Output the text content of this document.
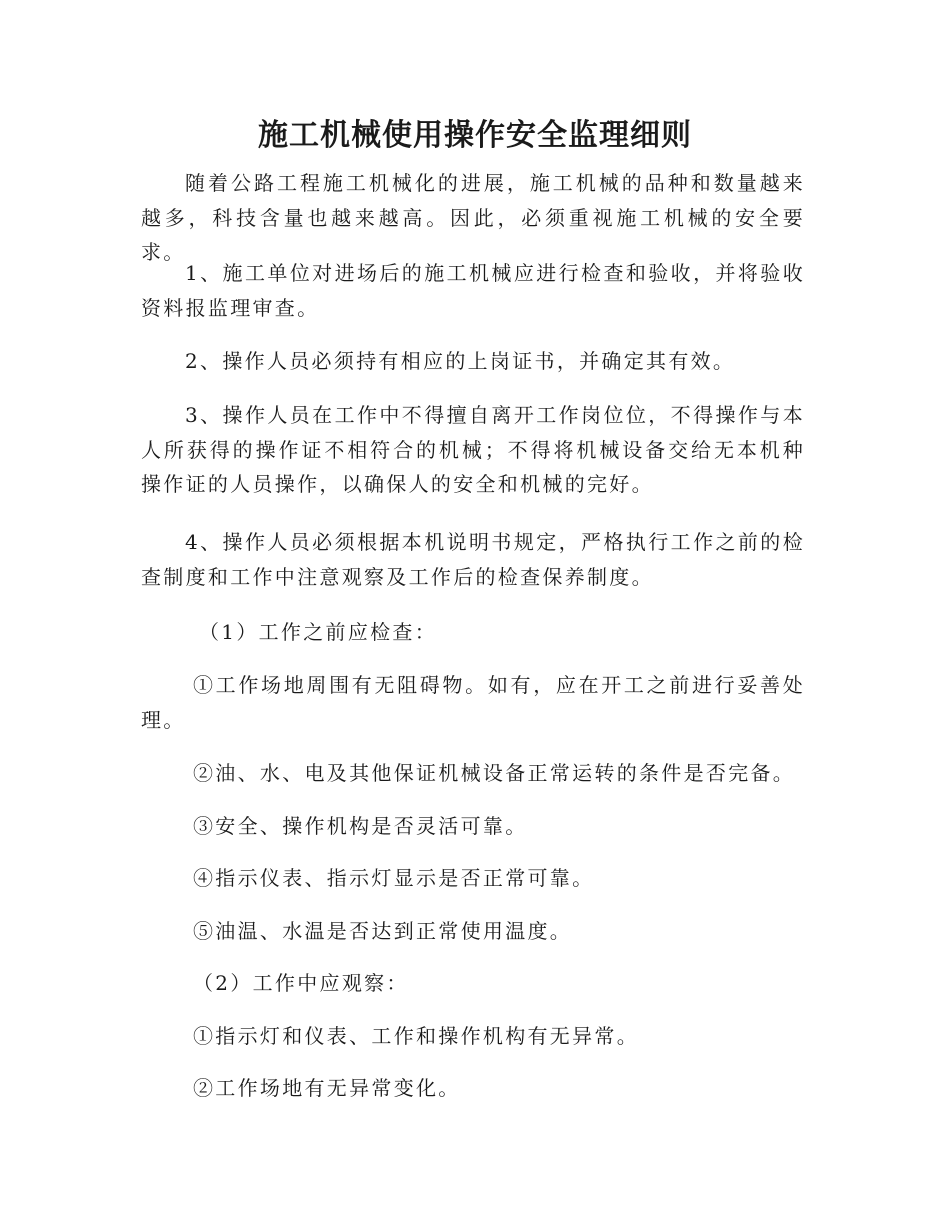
施工机械使用操作安全监理细则

随着公路工程施工机械化的进展，施工机械的品种和数量越来越多，科技含量也越来越高。因此，必须重视施工机械的安全要求。

1、施工单位对进场后的施工机械应进行检查和验收，并将验收资料报监理审查。

2、操作人员必须持有相应的上岗证书，并确定其有效。

3、操作人员在工作中不得擅自离开工作岗位位，不得操作与本人所获得的操作证不相符合的机械；不得将机械设备交给无本机种操作证的人员操作，以确保人的安全和机械的完好。

4、操作人员必须根据本机说明书规定，严格执行工作之前的检查制度和工作中注意观察及工作后的检查保养制度。

（1）工作之前应检查：

①工作场地周围有无阻碍物。如有，应在开工之前进行妥善处理。

②油、水、电及其他保证机械设备正常运转的条件是否完备。

③安全、操作机构是否灵活可靠。

④指示仪表、指示灯显示是否正常可靠。

⑤油温、水温是否达到正常使用温度。

（2）工作中应观察：

①指示灯和仪表、工作和操作机构有无异常。

②工作场地有无异常变化。
